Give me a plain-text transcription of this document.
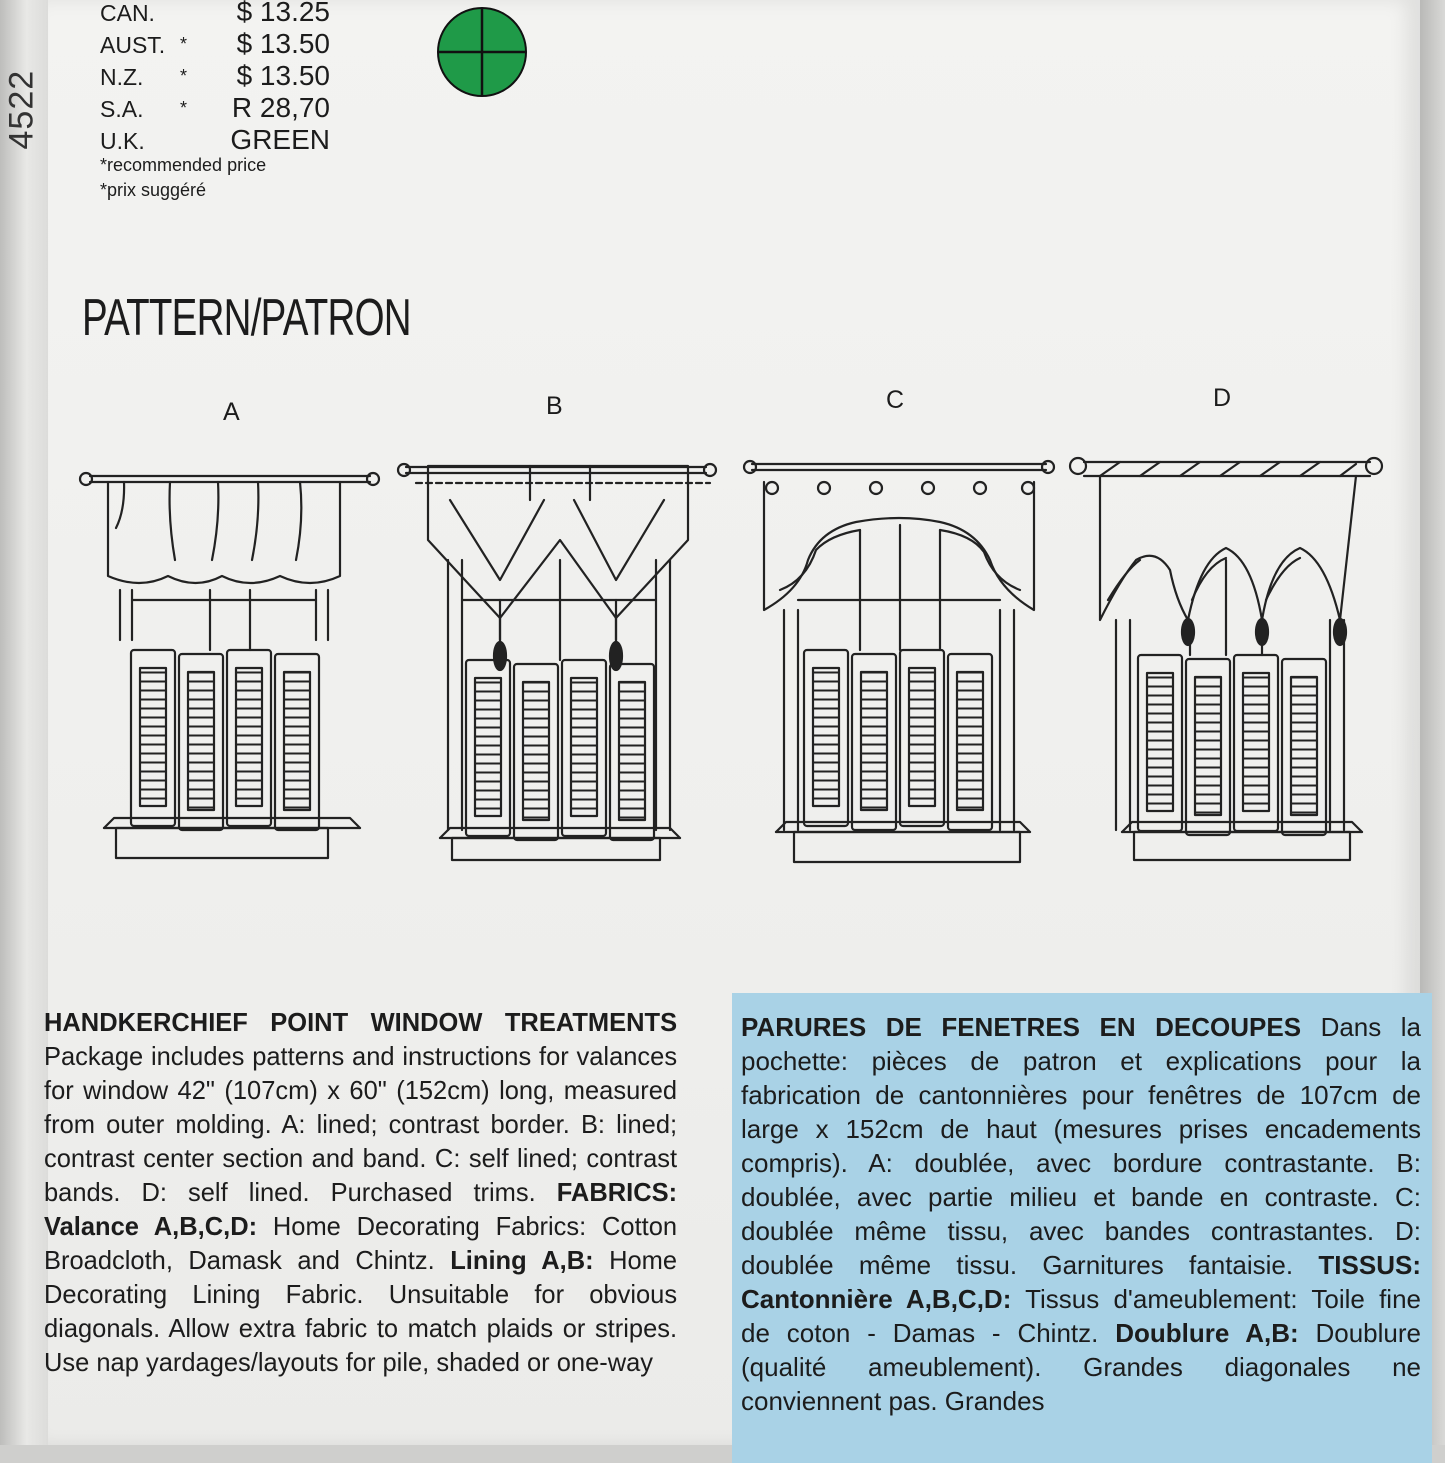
4522
CAN.	$ 13.25
AUST. * $ 13.50
N.Z. * $ 13.50
S.A. * R 28,70
U.K.	GREEN
*recommended price
*prix suggéré
PATTERN/PATRON
A	B	C	D
HANDKERCHIEF POINT WINDOW TREATMENTS Package includes patterns and instructions for valances for window 42" (107cm) x 60" (152cm) long, measured from outer molding. A: lined; contrast border. B: lined; contrast center section and band. C: self lined; contrast bands. D: self lined. Purchased trims. FABRICS: Valance A,B,C,D: Home Decorating Fabrics: Cotton Broadcloth, Damask and Chintz. Lining A,B: Home Decorating Lining Fabric. Unsuitable for obvious diagonals. Allow extra fabric to match plaids or stripes. Use nap yardages/layouts for pile, shaded or one-way
PARURES DE FENETRES EN DECOUPES Dans la pochette: pièces de patron et explications pour la fabrication de cantonnières pour fenêtres de 107cm de large x 152cm de haut (mesures prises encadements compris). A: doublée, avec bordure contrastante. B: doublée, avec partie milieu et bande en contraste. C: doublée même tissu, avec bandes contrastantes. D: doublée même tissu. Garnitures fantaisie. TISSUS: Cantonnière A,B,C,D: Tissus d'ameublement: Toile fine de coton - Damas - Chintz. Doublure A,B: Doublure (qualité ameublement). Grandes diagonales ne conviennent pas. Grandes
